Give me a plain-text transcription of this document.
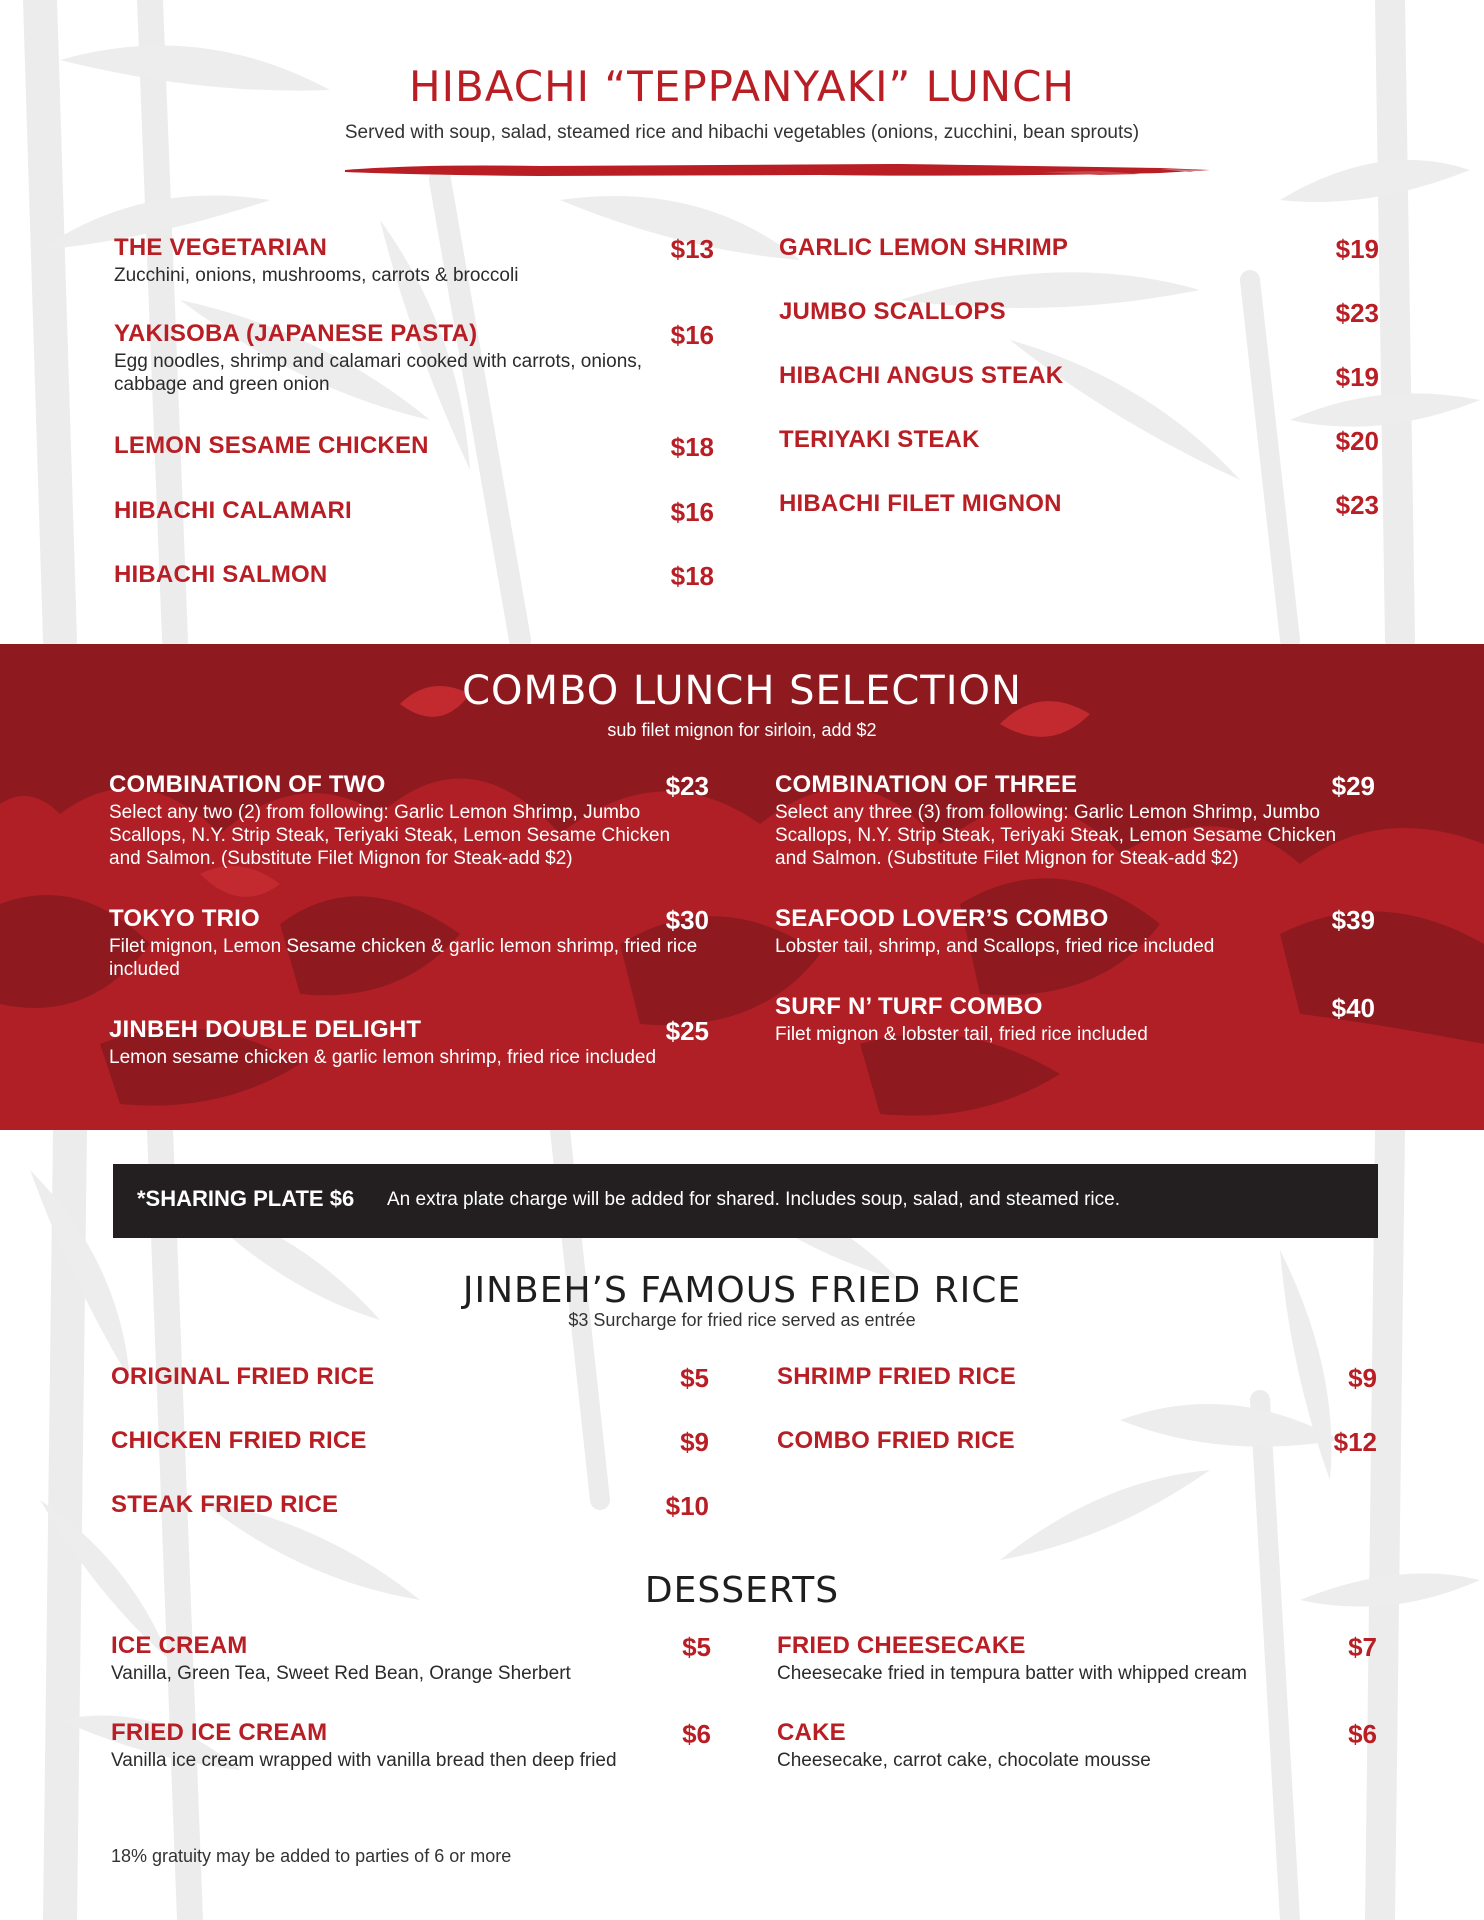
HIBACHI “TEPPANYAKI” LUNCH
Served with soup, salad, steamed rice and hibachi vegetables (onions, zucchini, bean sprouts)
THE VEGETARIAN	$13
Zucchini, onions, mushrooms, carrots & broccoli
YAKISOBA (JAPANESE PASTA)	$16
Egg noodles, shrimp and calamari cooked with carrots, onions, cabbage and green onion
LEMON SESAME CHICKEN	$18
HIBACHI CALAMARI	$16
HIBACHI SALMON	$18
GARLIC LEMON SHRIMP	$19
JUMBO SCALLOPS	$23
HIBACHI ANGUS STEAK	$19
TERIYAKI STEAK	$20
HIBACHI FILET MIGNON	$23
COMBO LUNCH SELECTION
sub filet mignon for sirloin, add $2
COMBINATION OF TWO	$23
Select any two (2) from following: Garlic Lemon Shrimp, Jumbo Scallops, N.Y. Strip Steak, Teriyaki Steak, Lemon Sesame Chicken and Salmon. (Substitute Filet Mignon for Steak-add $2)
TOKYO TRIO	$30
Filet mignon, Lemon Sesame chicken & garlic lemon shrimp, fried rice included
JINBEH DOUBLE DELIGHT	$25
Lemon sesame chicken & garlic lemon shrimp, fried rice included
COMBINATION OF THREE	$29
Select any three (3) from following: Garlic Lemon Shrimp, Jumbo Scallops, N.Y. Strip Steak, Teriyaki Steak, Lemon Sesame Chicken and Salmon. (Substitute Filet Mignon for Steak-add $2)
SEAFOOD LOVER’S COMBO	$39
Lobster tail, shrimp, and Scallops, fried rice included
SURF N’ TURF COMBO	$40
Filet mignon & lobster tail, fried rice included
*SHARING PLATE $6 An extra plate charge will be added for shared. Includes soup, salad, and steamed rice.
JINBEH’S FAMOUS FRIED RICE
$3 Surcharge for fried rice served as entrée
ORIGINAL FRIED RICE	$5
CHICKEN FRIED RICE	$9
STEAK FRIED RICE	$10
SHRIMP FRIED RICE	$9
COMBO FRIED RICE	$12
DESSERTS
ICE CREAM	$5
Vanilla, Green Tea, Sweet Red Bean, Orange Sherbert
FRIED ICE CREAM	$6
Vanilla ice cream wrapped with vanilla bread then deep fried
FRIED CHEESECAKE	$7
Cheesecake fried in tempura batter with whipped cream
CAKE	$6
Cheesecake, carrot cake, chocolate mousse
18% gratuity may be added to parties of 6 or more
